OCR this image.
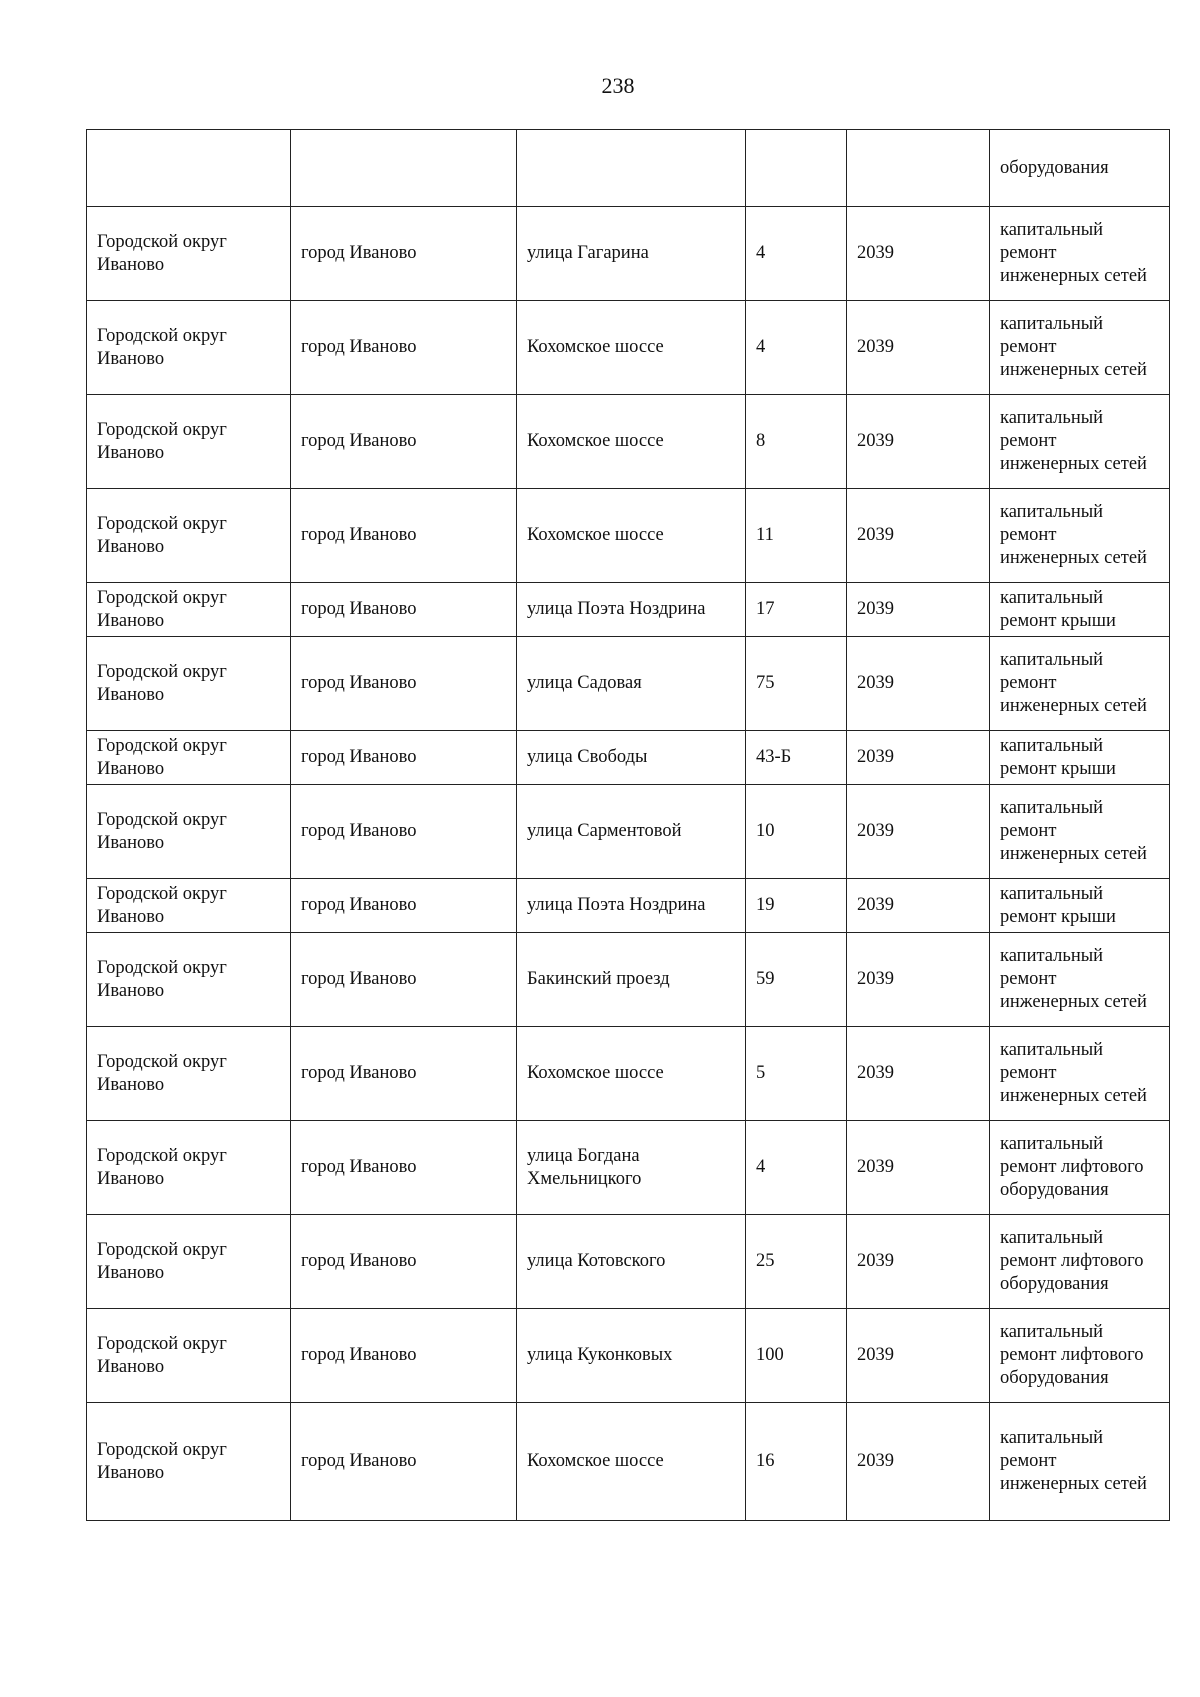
238
					оборудования
Городской округ Иваново	город Иваново	улица Гагарина	4	2039	капитальный ремонт инженерных сетей
Городской округ Иваново	город Иваново	Кохомское шоссе	4	2039	капитальный ремонт инженерных сетей
Городской округ Иваново	город Иваново	Кохомское шоссе	8	2039	капитальный ремонт инженерных сетей
Городской округ Иваново	город Иваново	Кохомское шоссе	11	2039	капитальный ремонт инженерных сетей
Городской округ Иваново	город Иваново	улица Поэта Ноздрина	17	2039	капитальный ремонт крыши
Городской округ Иваново	город Иваново	улица Садовая	75	2039	капитальный ремонт инженерных сетей
Городской округ Иваново	город Иваново	улица Свободы	43-Б	2039	капитальный ремонт крыши
Городской округ Иваново	город Иваново	улица Сарментовой	10	2039	капитальный ремонт инженерных сетей
Городской округ Иваново	город Иваново	улица Поэта Ноздрина	19	2039	капитальный ремонт крыши
Городской округ Иваново	город Иваново	Бакинский проезд	59	2039	капитальный ремонт инженерных сетей
Городской округ Иваново	город Иваново	Кохомское шоссе	5	2039	капитальный ремонт инженерных сетей
Городской округ Иваново	город Иваново	улица Богдана Хмельницкого	4	2039	капитальный ремонт лифтового оборудования
Городской округ Иваново	город Иваново	улица Котовского	25	2039	капитальный ремонт лифтового оборудования
Городской округ Иваново	город Иваново	улица Куконковых	100	2039	капитальный ремонт лифтового оборудования
Городской округ Иваново	город Иваново	Кохомское шоссе	16	2039	капитальный ремонт инженерных сетей
